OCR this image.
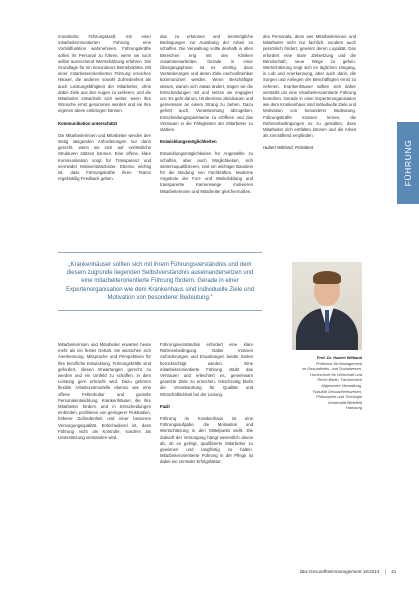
moralische Führungskraft, mit einer mitarbeiterorientierten Führung eine Vorbildfunktion wahrnehmen. Führungskräfte sollen ihr Personal zu führen, wenn sie noch selbst ausreichend Wertschätzung erfahren. Die Grundlage für ein besonderes Betriebsklima. Mit einer mitarbeiterorientierten Führung erreichen Häuser, die anderen sowohl Zufriedenheit als auch Leistungsfähigkeit der Mitarbeiter, ohne dabei Ziele aus den Augen zu verlieren, und die Mitarbeiter entwickeln sich weiter, wenn ihre Wünsche ernst genommen werden und sie ihre eigenen Ideen einbringen können.

Kommunikation unterschätzt

Die Mitarbeiterinnen und Mitarbeiter werden den stetig steigenden Anforderungen nur dann gerecht, wenn sie sich auf verlässliche Strukturen stützen können. Eine offene, klare Kommunikation sorgt für Transparenz und vermeidet Missverständnisse. Ebenso wichtig ist, dass Führungskräfte ihren Teams regelmäßig Feedback geben.

das zu erkennen und bestmögliche Bedingungen zur Ausübung der Arbeit zu schaffen. Die Verwaltung sollte deshalb in allen Bereichen eng mit den Kliniken zusammenarbeiten. Gerade in einer Übergangsphase ist es wichtig, dass Veränderungen und deren Ziele nachvollziehbar kommuniziert werden. Wenn Beschäftigte wissen, warum sich etwas ändert, tragen sie die Entscheidungen mit und setzen sie engagiert um. Es geht darum, Hindernisse abzubauen und gemeinsam an einem Strang zu ziehen. Dazu gehört auch, Verantwortung abzugeben, Entscheidungsspielräume zu eröffnen und das Vertrauen in die Fähigkeiten der Mitarbeiter zu stärken.

Entwicklungsmöglichkeiten

Entwicklungsmöglichkeiten für Angestellte zu schaffen, aber auch Möglichkeiten, sich weiterzuqualifizieren, sind ein wichtiger Baustein für die Bindung von Fachkräften. Moderne Angebote der Fort- und Weiterbildung und transparente Karrierewege motivieren Mitarbeiterinnen und Mitarbeiter gleichermaßen.

des Personals, denn wer Mitarbeiterinnen und Mitarbeiter nicht nur fachlich, sondern auch persönlich fördert, gewinnt deren Loyalität. Das erfordert eine klare Zielsetzung und die Bereitschaft, neue Wege zu gehen. Wertschätzung zeigt sich im täglichen Umgang, in Lob und Anerkennung, aber auch darin, die Sorgen und Anliegen der Beschäftigten ernst zu nehmen. Krankenhäuser sollten sich daher verstärkt um eine mitarbeiterorientierte Führung bemühen. Gerade in einer Expertenorganisation wie dem Krankenhaus sind individuelle Ziele und Motivation von besonderer Bedeutung. Führungskräfte müssen lernen, die Rahmenbedingungen so zu gestalten, dass Mitarbeiter sich entfalten können und die Arbeit als sinnstiftend empfinden.

Hubert Wittland, Präsident	FÜHRUNG
„Krankenhäuser sollten sich mit ihrem Führungsverständnis und dem diesem zugrunde liegenden Selbstverständnis auseinandersetzen und eine mitarbeiterorientierte Führung fördern. Gerade in einer Expertenorganisation wie dem Krankenhaus sind individuelle Ziele und Motivation von besonderer Bedeutung.“
Prof. Dr. Hubert Wittland
Professor für Management
im Gesundheits- und Sozialwesen,
Hochschule für Wirtschaft und
Recht Berlin, Fachbereich
Allgemeine Verwaltung,
Fakultät Gesundheitswesen,
Philosophie und Theologie
Universität Bielefeld
Hamburg

Mitarbeiterinnen und Mitarbeiter erwarten heute mehr als ein festes Gehalt. Sie wünschen sich Anerkennung, Mitsprache und Perspektiven für ihre berufliche Entwicklung. Führungskräfte sind gefordert, diesen Erwartungen gerecht zu werden und ein Umfeld zu schaffen, in dem Leistung gern erbracht wird. Dazu gehören flexible Arbeitszeitmodelle ebenso wie eine offene Fehlerkultur und gezielte Personalentwicklung. Krankenhäuser, die ihre Mitarbeiter fördern und in Entscheidungen einbinden, profitieren von geringerer Fluktuation, höherer Zufriedenheit und einer besseren Versorgungsqualität. Entscheidend ist, dass Führung nicht als Kontrolle, sondern als Unterstützung verstanden wird.

Führungsverständnis erfordert eine klare Rahmenbedingung. Dabei müssen Anforderungen und Erwartungen beider Seiten berücksichtigt werden. Eine mitarbeiterorientierte Führung stärkt das Vertrauen und erleichtert es, gemeinsam gesetzte Ziele zu erreichen. Gleichzeitig bleibt die Verantwortung für Qualität und Wirtschaftlichkeit bei der Leitung.

Fazit

Führung im Krankenhaus ist eine Führungsaufgabe, die Motivation und Wertschätzung in den Mittelpunkt stellt. Die Zukunft der Versorgung hängt wesentlich davon ab, ob es gelingt, qualifizierte Mitarbeiter zu gewinnen und langfristig zu halten. Mitarbeiterorientierte Führung in der Pflege ist dabei ein zentraler Erfolgsfaktor.

f&w Gesundheitsmanagement 16/2014 | 41
